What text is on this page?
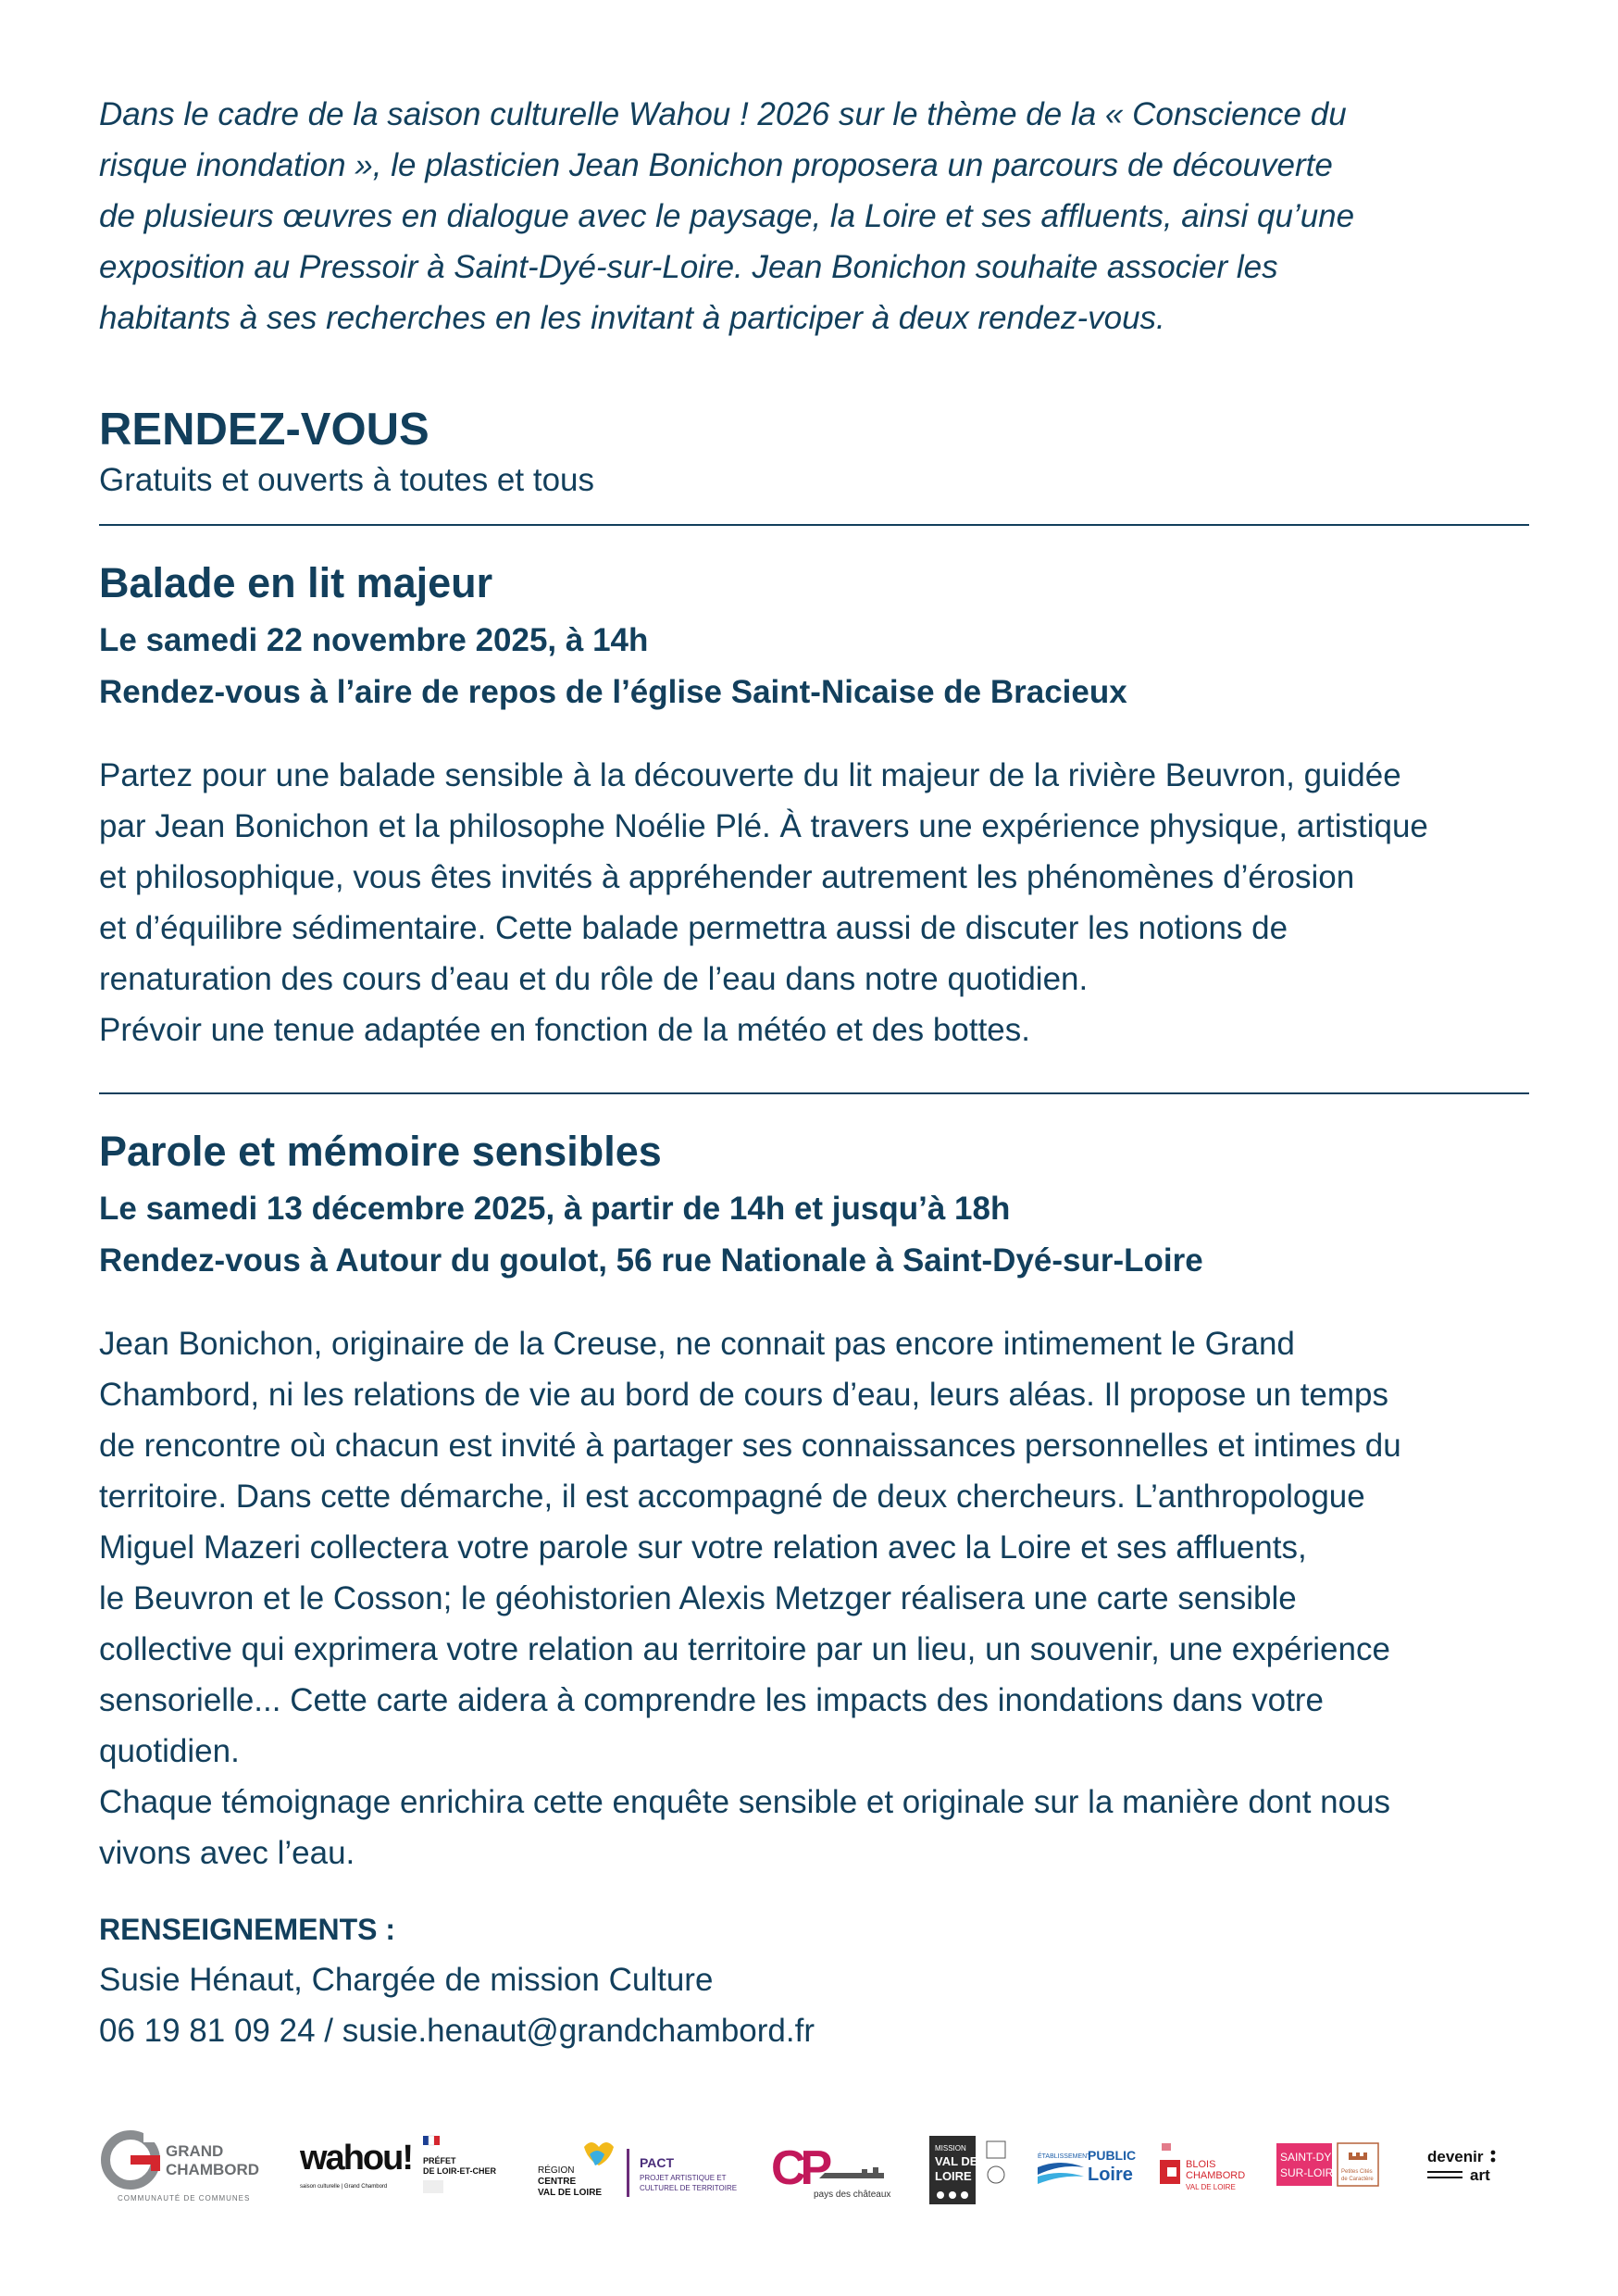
Dans le cadre de la saison culturelle Wahou ! 2026 sur le thème de la « Conscience du
risque inondation », le plasticien Jean Bonichon proposera un parcours de découverte
de plusieurs œuvres en dialogue avec le paysage, la Loire et ses affluents, ainsi qu’une
exposition au Pressoir à Saint-Dyé-sur-Loire. Jean Bonichon souhaite associer les
habitants à ses recherches en les invitant à participer à deux rendez-vous.

RENDEZ-VOUS

Gratuits et ouverts à toutes et tous

Balade en lit majeur

Le samedi 22 novembre 2025, à 14h

Rendez-vous à l’aire de repos de l’église Saint-Nicaise de Bracieux

Partez pour une balade sensible à la découverte du lit majeur de la rivière Beuvron, guidée
par Jean Bonichon et la philosophe Noélie Plé. À travers une expérience physique, artistique
et philosophique, vous êtes invités à appréhender autrement les phénomènes d’érosion
et d’équilibre sédimentaire. Cette balade permettra aussi de discuter les notions de
renaturation des cours d’eau et du rôle de l’eau dans notre quotidien.
Prévoir une tenue adaptée en fonction de la météo et des bottes.

Parole et mémoire sensibles

Le samedi 13 décembre 2025, à partir de 14h et jusqu’à 18h

Rendez-vous à Autour du goulot, 56 rue Nationale à Saint-Dyé-sur-Loire

Jean Bonichon, originaire de la Creuse, ne connait pas encore intimement le Grand
Chambord, ni les relations de vie au bord de cours d’eau, leurs aléas. Il propose un temps
de rencontre où chacun est invité à partager ses connaissances personnelles et intimes du
territoire. Dans cette démarche, il est accompagné de deux chercheurs. L’anthropologue
Miguel Mazeri collectera votre parole sur votre relation avec la Loire et ses affluents,
le Beuvron et le Cosson; le géohistorien Alexis Metzger réalisera une carte sensible
collective qui exprimera votre relation au territoire par un lieu, un souvenir, une expérience
sensorielle... Cette carte aidera à comprendre les impacts des inondations dans votre
quotidien.
Chaque témoignage enrichira cette enquête sensible et originale sur la manière dont nous
vivons avec l’eau.

RENSEIGNEMENTS :

Susie Hénaut, Chargée de mission Culture

06 19 81 09 24 / susie.henaut@grandchambord.fr

GRAND
CHAMBORD
COMMUNAUTÉ DE COMMUNES
wahou!
saison culturelle | Grand Chambord
PRÉFET
DE LOIR-ET-CHER	RÉGION
CENTRE
VAL DE LOIRE
PACT
PROJET ARTISTIQUE ET
CULTUREL DE TERRITOIRE CP
pays des châteaux
MISSION
VAL DE
LOIRE
ÉTABLISSEMENT
PUBLIC
Loire	BLOIS
CHAMBORD
VAL DE LOIRE
SAINT-DYÉ
SUR-LOIRE Petites Cités
de Caractère
devenir
art
